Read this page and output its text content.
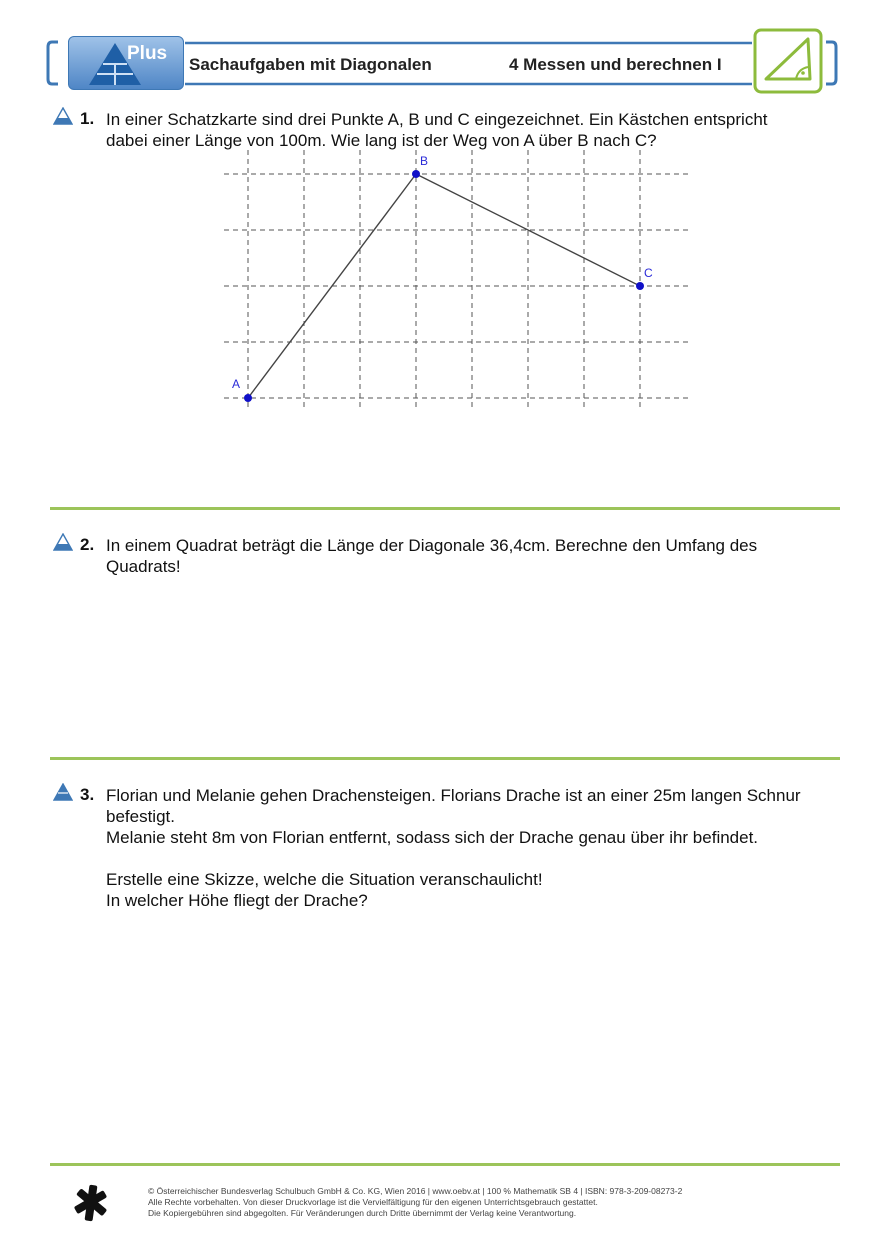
Plus
Sachaufgaben mit Diagonalen	4 Messen und berechnen I
1. In einer Schatzkarte sind drei Punkte A, B und C eingezeichnet. Ein Kästchen entspricht

dabei einer Länge von 100m. Wie lang ist der Weg von A über B nach C?

A
B
C
2. In einem Quadrat beträgt die Länge der Diagonale 36,4cm. Berechne den Umfang des

Quadrats!

3. Florian und Melanie gehen Drachensteigen. Florians Drache ist an einer 25m langen Schnur

befestigt.

Melanie steht 8m von Florian entfernt, sodass sich der Drache genau über ihr befindet.

Erstelle eine Skizze, welche die Situation veranschaulicht!

In welcher Höhe fliegt der Drache?

© Österreichischer Bundesverlag Schulbuch GmbH & Co. KG, Wien 2016 | www.oebv.at | 100 % Mathematik SB 4 | ISBN: 978-3-209-08273-2
Alle Rechte vorbehalten. Von dieser Druckvorlage ist die Vervielfältigung für den eigenen Unterrichtsgebrauch gestattet.
Die Kopiergebühren sind abgegolten. Für Veränderungen durch Dritte übernimmt der Verlag keine Verantwortung.
